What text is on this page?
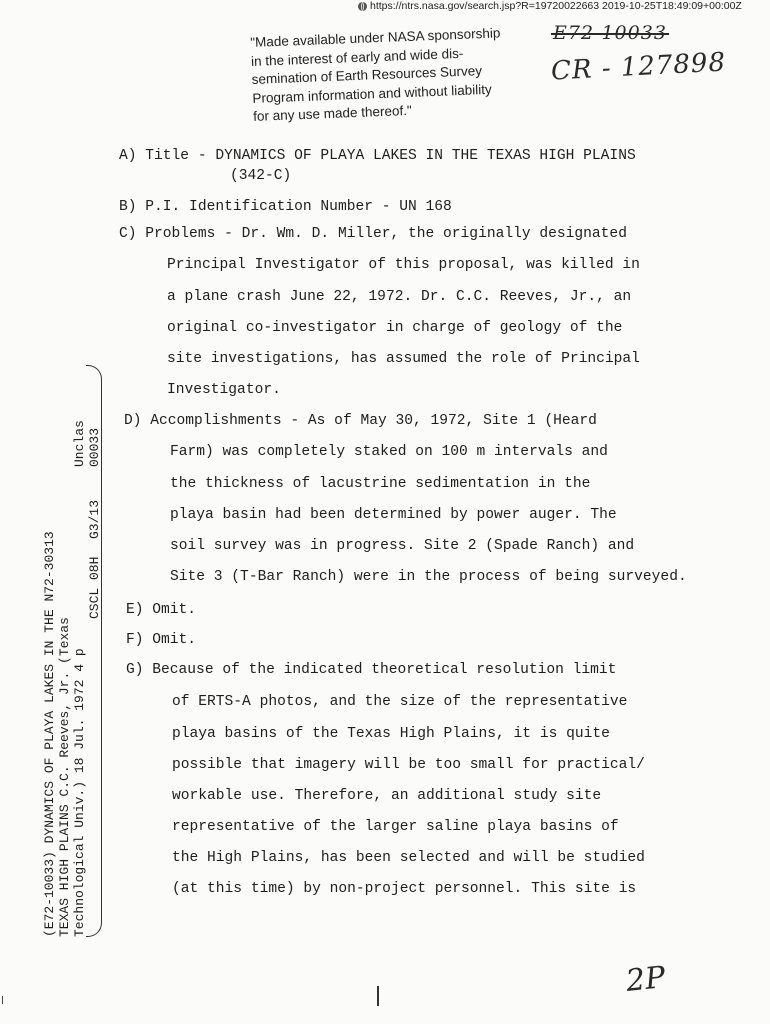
https://ntrs.nasa.gov/search.jsp?R=19720022663 2019-10-25T18:49:09+00:00Z
"Made available under NASA sponsorship
in the interest of early and wide dis-
semination of Earth Resources Survey
Program information and without liability
for any use made thereof."
E72-10033
CR - 127898
2P
A) Title - DYNAMICS OF PLAYA LAKES IN THE TEXAS HIGH PLAINS
(342-C)
B) P.I. Identification Number - UN 168
C) Problems - Dr. Wm. D. Miller, the originally designated
Principal Investigator of this proposal, was killed in
a plane crash June 22, 1972. Dr. C.C. Reeves, Jr., an
original co-investigator in charge of geology of the
site investigations, has assumed the role of Principal
Investigator.
D) Accomplishments - As of May 30, 1972, Site 1 (Heard
Farm) was completely staked on 100 m intervals and
the thickness of lacustrine sedimentation in the
playa basin had been determined by power auger. The
soil survey was in progress. Site 2 (Spade Ranch) and
Site 3 (T-Bar Ranch) were in the process of being surveyed.
E) Omit.
F) Omit.
G) Because of the indicated theoretical resolution limit
of ERTS-A photos, and the size of the representative
playa basins of the Texas High Plains, it is quite
possible that imagery will be too small for practical/
workable use. Therefore, an additional study site
representative of the larger saline playa basins of
the High Plains, has been selected and will be studied
(at this time) by non-project personnel. This site is
(E72-10033) DYNAMICS OF PLAYA LAKES IN THE N72-30313 TEXAS HIGH PLAINS C.C. Reeves, Jr. (Texas Technological Univ.) 18 Jul. 1972 4 p
CSCL 08H
G3/13
Unclas 00033
